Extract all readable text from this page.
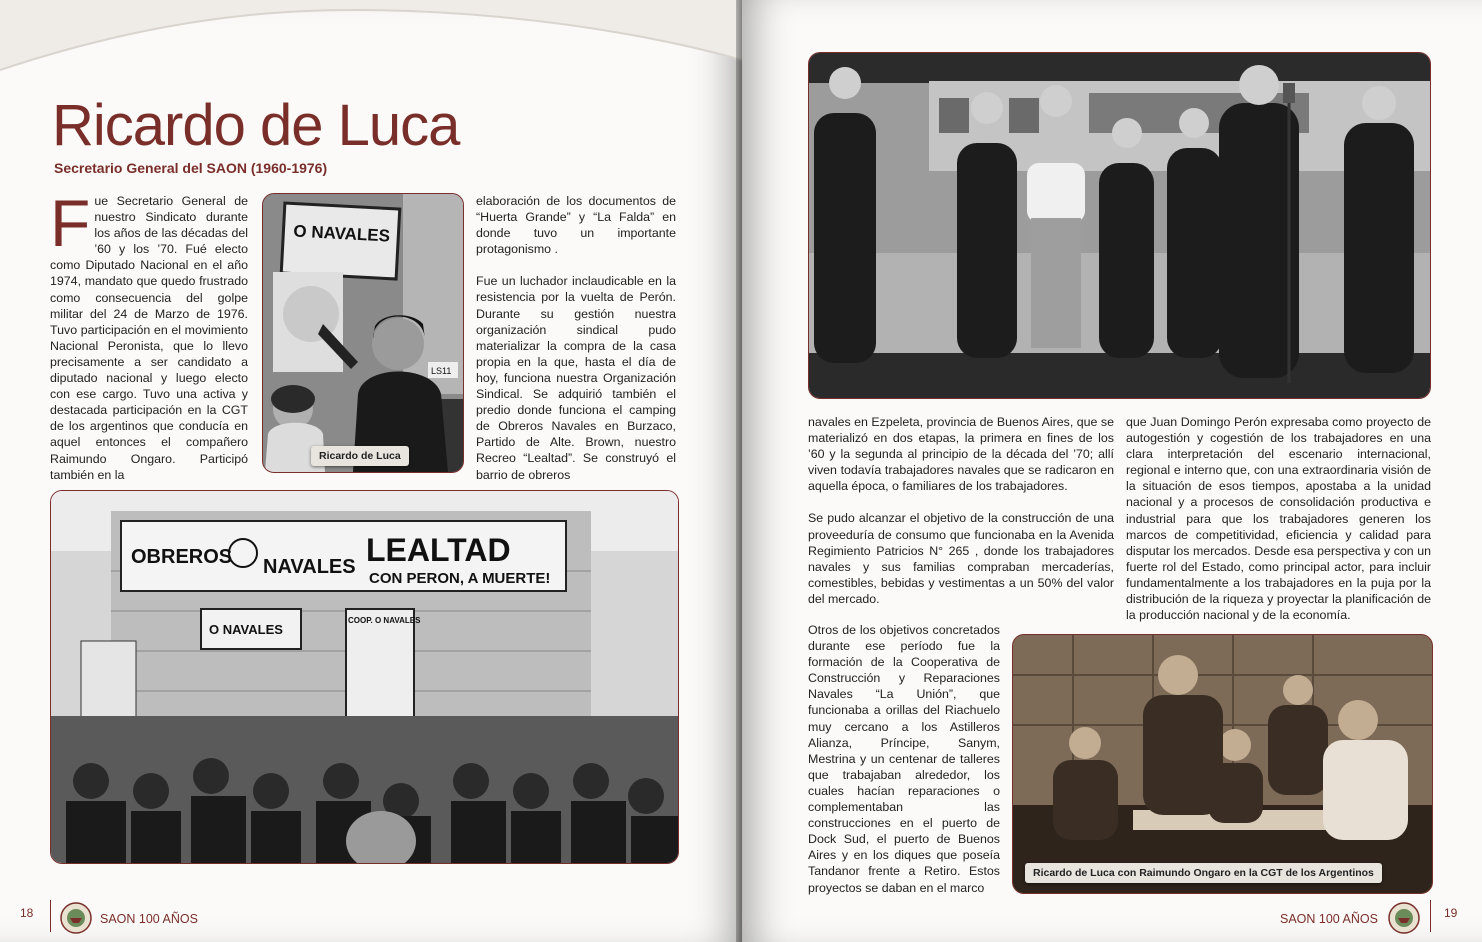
Ricardo de Luca
Secretario General del SAON (1960-1976)
Fue Secretario General de nuestro Sindicato durante los años de las décadas del ’60 y los ’70. Fué electo como Diputado Nacional en el año 1974, mandato que quedo frustrado como consecuencia del golpe militar del 24 de Marzo de 1976. Tuvo participación en el movimiento Nacional Peronista, que lo llevo precisamente a ser candidato a diputado nacional y luego electo con ese cargo. Tuvo una activa y destacada participación en la CGT de los argentinos que conducía en aquel entonces el compañero Raimundo Ongaro. Participó también en la
O NAVALES
LS11
Ricardo de Luca

elaboración de los documentos de “Huerta Grande” y “La Falda” en donde tuvo un importante protagonismo .

Fue un luchador inclaudicable en la resistencia por la vuelta de Perón. Durante su gestión nuestra organización sindical pudo materializar la compra de la casa propia en la que, hasta el día de hoy, funciona nuestra Organización Sindical. Se adquirió también el predio donde funciona el camping de Obreros Navales en Burzaco, Partido de Alte. Brown, nuestro Recreo “Lealtad”. Se construyó el barrio de obreros

OBREROS NAVALES LEALTAD
CON PERON, A MUERTE!
O NAVALES
COOP. O NAVALES
18	SAON 100 AÑOS

navales en Ezpeleta, provincia de Buenos Aires, que se materializó en dos etapas, la primera en fines de los ’60 y la segunda al principio de la década del ’70; allí viven todavía trabajadores navales que se radicaron en aquella época, o familiares de los trabajadores.

Se pudo alcanzar el objetivo de la construcción de una proveeduría de consumo que funcionaba en la Avenida Regimiento Patricios N° 265 , donde los trabajadores navales y sus familias compraban mercaderías, comestibles, bebidas y vestimentas a un 50% del valor del mercado.

Otros de los objetivos concretados durante ese período fue la formación de la Cooperativa de Construcción y Reparaciones Navales “La Unión”, que funcionaba a orillas del Riachuelo muy cercano a los Astilleros Alianza, Príncipe, Sanym, Mestrina y un centenar de talleres que trabajaban alrededor, los cuales hacían reparaciones o complementaban las construcciones en el puerto de Dock Sud, el puerto de Buenos Aires y en los diques que poseía Tandanor frente a Retiro. Estos proyectos se daban en el marco

que Juan Domingo Perón expresaba como proyecto de autogestión y cogestión de los trabajadores en una clara interpretación del escenario internacional, regional e interno que, con una extraordinaria visión de la situación de esos tiempos, apostaba a la unidad nacional y a procesos de consolidación productiva e industrial para que los trabajadores generen los marcos de competitividad, eficiencia y calidad para disputar los mercados. Desde esa perspectiva y con un fuerte rol del Estado, como principal actor, para incluir fundamentalmente a los trabajadores en la puja por la distribución de la riqueza y proyectar la planificación de la producción nacional y de la economía.

Ricardo de Luca con Raimundo Ongaro en la CGT de los Argentinos
SAON 100 AÑOS	19
